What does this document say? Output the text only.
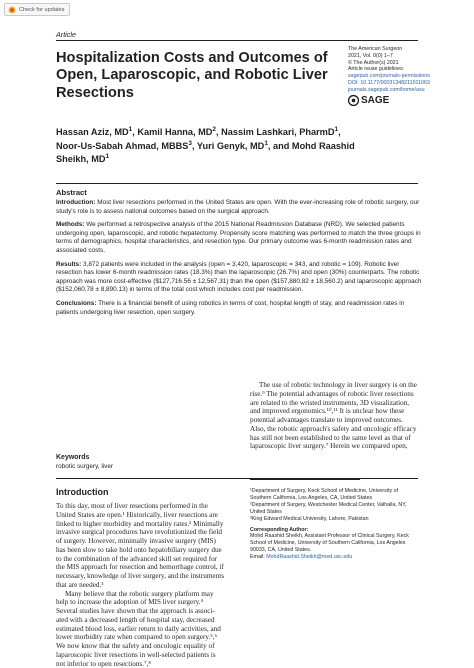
Check for updates
Article
Hospitalization Costs and Outcomes of Open, Laparoscopic, and Robotic Liver Resections
The American Surgeon
2021, Vol. 0(0) 1–7
© The Author(s) 2021
Article reuse guidelines:
sagepub.com/journals-permissions
DOI: 10.1177/00031348211011063
journals.sagepub.com/home/asu
SAGE
Hassan Aziz, $MD^1$, Kamil Hanna, $MD^2$, Nassim Lashkari, PharmD$^1$, Noor-Us-Sabah Ahmad, MBBS$^3$, Yuri Genyk, $MD^1$, and Mohd Raashid Sheikh, $MD^1$
Abstract

Introduction: Most liver resections performed in the United States are open. With the ever-increasing role of robotic surgery, our study's role is to assess national outcomes based on the surgical approach.

Methods: We performed a retrospective analysis of the 2015 National Readmission Database (NRD). We selected patients undergoing open, laparoscopic, and robotic hepatectomy. Propensity score matching was performed to match the three groups in terms of demographics, hospital characteristics, and resection type. Our primary outcome was 6-month readmission rates and associated costs.

Results: 3,872 patients were included in the analysis (open = 3,420, laparoscopic = 343, and robotic = 109). Robotic liver resection has lower 6-month readmission rates (18.3%) than the laparoscopic (26.7%) and open (30%) counterparts. The robotic approach was more cost-effective ($127,716.56 ± 12,567.31) than the open ($157,880.82 ± 18,560.2) and laparoscopic approach ($152,060.78 ± 8,890.13) in terms of the total cost which includes cost per readmission.

Conclusions: There is a financial benefit of using robotics in terms of cost, hospital length of stay, and readmission rates in patients undergoing liver resection, open surgery.

Keywords
robotic surgery, liver
Introduction
To this day, most of liver resections performed in the
United States are open.¹ Historically, liver resections are
linked to higher morbidity and mortality rates.² Minimally
invasive surgical procedures have revolutionized the field
of surgery. However, minimally invasive surgery (MIS)
has been slow to take hold onto hepatobiliary surgery due
to the combination of the advanced skill set required for
the MIS approach for resection and hemorrhage control, if
necessary, knowledge of liver surgery, and the instruments
that are needed.³
Many believe that the robotic surgery platform may
help to increase the adoption of MIS liver surgery.⁴
Several studies have shown that the approach is associ-
ated with a decreased length of hospital stay, decreased
estimated blood loss, earlier return to daily activities, and
lower morbidity rate when compared to open surgery.⁵,⁶
We now know that the safety and oncologic equality of
laparoscopic liver resections in well-selected patients is
not inferior to open resections.⁷,⁸
The use of robotic technology in liver surgery is on the
rise.⁹ The potential advantages of robotic liver resections
are related to the wristed instruments, 3D visualization,
and improved ergonomics.¹⁰,¹¹ It is unclear how these
potential advantages translate to improved outcomes.
Also, the robotic approach's safety and oncologic efficacy
has still not been established to the same level as that of
laparoscopic liver surgery.⁷ Herein we compared open,
¹Department of Surgery, Keck School of Medicine, University of
Southern California, Los Angeles, CA, United States
²Department of Surgery, Westchester Medical Center, Valhalla, NY,
United States
³King Edward Medical University, Lahore, Pakistan
Corresponding Author:
Mohd Raashid Sheikh, Assistant Professor of Clinical Surgery, Keck
School of Medicine, University of Southern California, Los Angeles
90033, CA, United States.
Email: MohdRaashid.Sheikh@med.usc.edu
